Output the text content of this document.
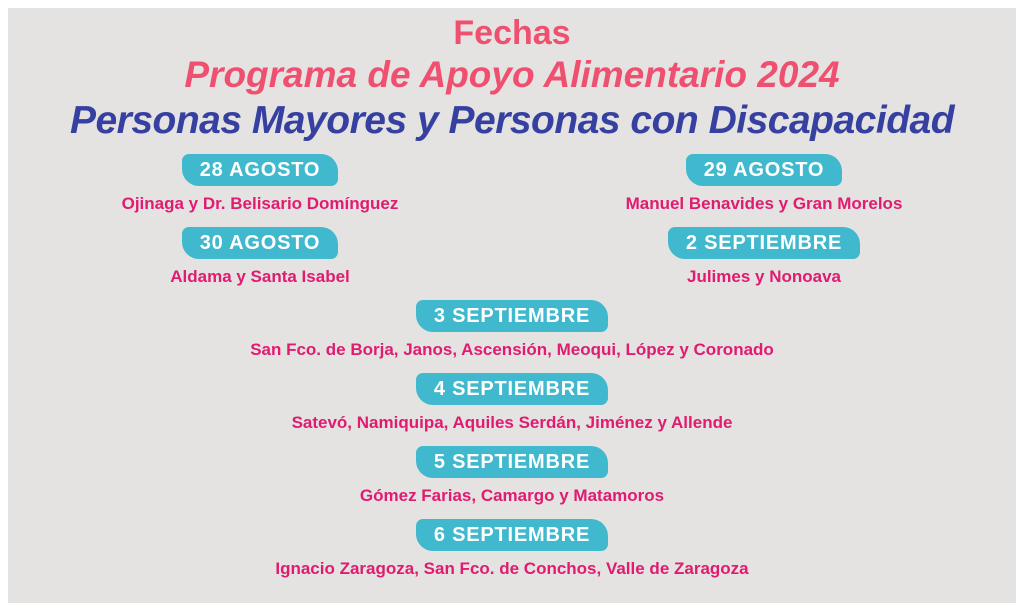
Fechas
Programa de Apoyo Alimentario 2024
Personas Mayores y Personas con Discapacidad
28 AGOSTO
Ojinaga y Dr. Belisario Domínguez
29 AGOSTO
Manuel Benavides y Gran Morelos
30 AGOSTO
Aldama y Santa Isabel
2 SEPTIEMBRE
Julimes y Nonoava
3 SEPTIEMBRE
San Fco. de Borja, Janos, Ascensión, Meoqui, López y Coronado
4 SEPTIEMBRE
Satevó, Namiquipa, Aquiles Serdán, Jiménez y Allende
5 SEPTIEMBRE
Gómez Farias, Camargo y Matamoros
6 SEPTIEMBRE
Ignacio Zaragoza, San Fco. de Conchos, Valle de Zaragoza
